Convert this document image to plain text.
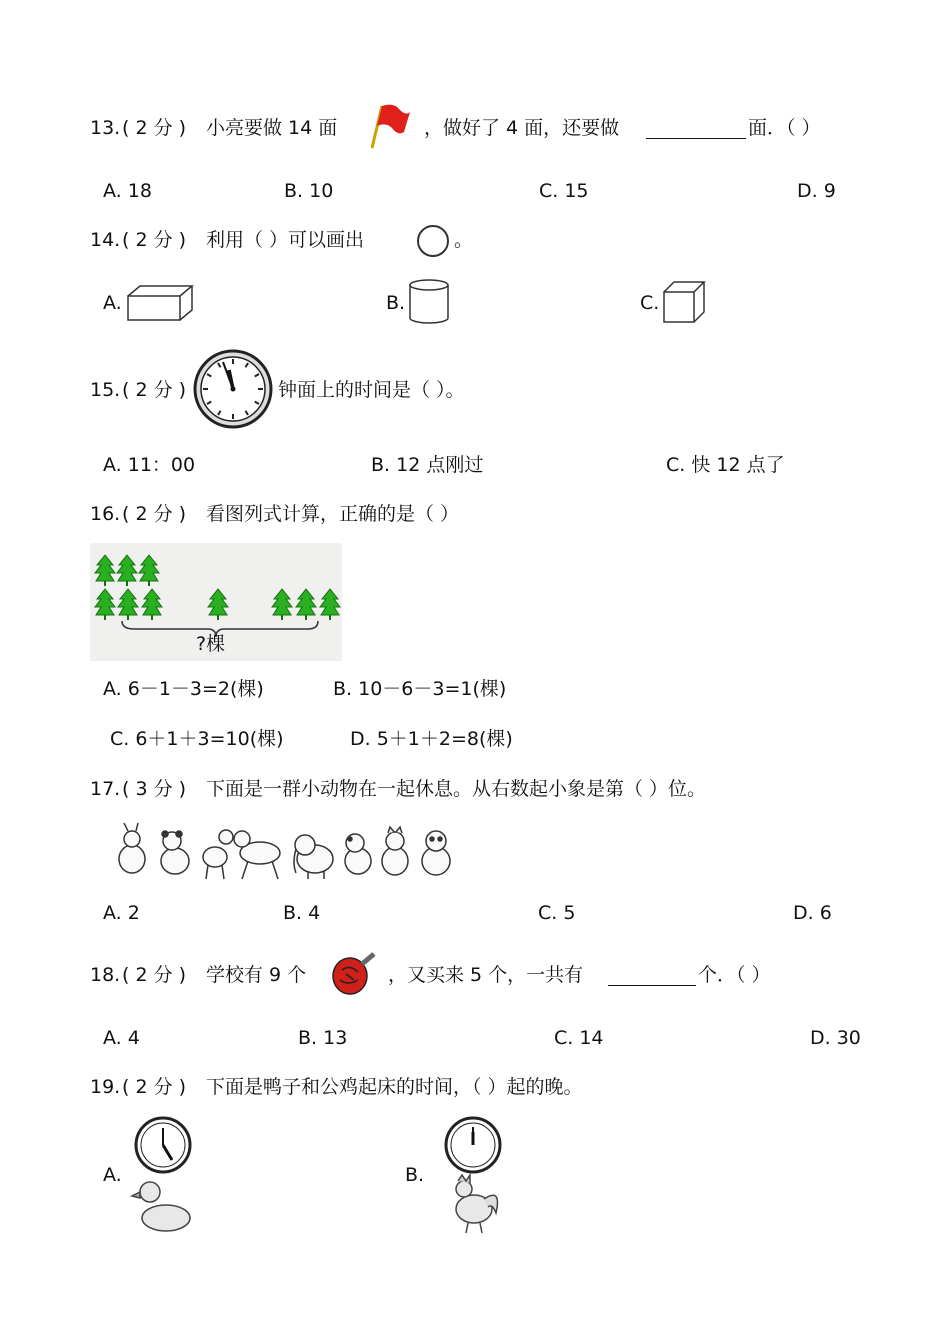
13. ( 2 分 ) 小亮要做 14 面	，做好了 4 面，还要做	面．（ ）
A. 18	B. 10	C. 15	D. 9
14. ( 2 分 ) 利用（ ）可以画出	。
A.	B.	C.
15. ( 2 分 )	钟面上的时间是（ ）。
A. 11：00	B. 12 点刚过	C. 快 12 点了
16. ( 2 分 ) 看图列式计算，正确的是（ ）
?棵
A. 6－1－3=2(棵)	B. 10－6－3=1(棵)
C. 6＋1＋3=10(棵)	D. 5＋1＋2=8(棵)
17. ( 3 分 ) 下面是一群小动物在一起休息。从右数起小象是第（ ）位。
A. 2	B. 4	C. 5	D. 6
18. ( 2 分 ) 学校有 9 个	，又买来 5 个，一共有	个．（ ）
A. 4	B. 13	C. 14	D. 30
19. ( 2 分 ) 下面是鸭子和公鸡起床的时间，（ ）起的晚。
A.	B.
